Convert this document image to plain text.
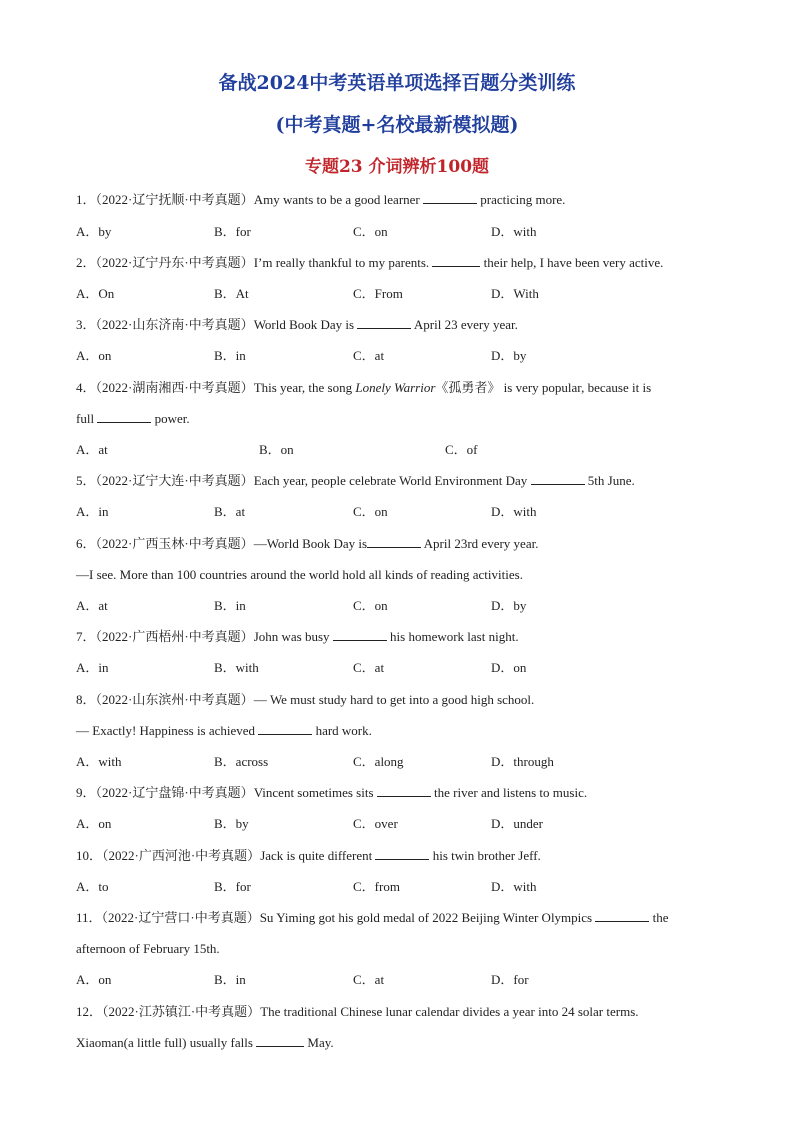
备战2024中考英语单项选择百题分类训练
(中考真题+名校最新模拟题)
专题23 介词辨析100题
1．（2022·辽宁抚顺·中考真题）Amy wants to be a good learner	practicing more.
A．by	B．for	C．on	D．with
2．（2022·辽宁丹东·中考真题）I’m really thankful to my parents.	their help, I have been very active.
A．On	B．At	C．From	D．With
3．（2022·山东济南·中考真题）World Book Day is	April 23 every year.
A．on	B．in	C．at	D．by
4．（2022·湖南湘西·中考真题）This year, the song Lonely Warrior《孤勇者》 is very popular, because it is
full	power.
A．at	B．on	C．of
5．（2022·辽宁大连·中考真题）Each year, people celebrate World Environment Day	5th June.
A．in	B．at	C．on	D．with
6．（2022·广西玉林·中考真题）—World Book Day is	April 23rd every year.
—I see. More than 100 countries around the world hold all kinds of reading activities.
A．at	B．in	C．on	D．by
7．（2022·广西梧州·中考真题）John was busy	his homework last night.
A．in	B．with	C．at	D．on
8．（2022·山东滨州·中考真题）— We must study hard to get into a good high school.
— Exactly! Happiness is achieved	hard work.
A．with	B．across	C．along	D．through
9．（2022·辽宁盘锦·中考真题）Vincent sometimes sits	the river and listens to music.
A．on	B．by	C．over	D．under
10．（2022·广西河池·中考真题）Jack is quite different	his twin brother Jeff.
A．to	B．for	C．from	D．with
11．（2022·辽宁营口·中考真题）Su Yiming got his gold medal of 2022 Beijing Winter Olympics	the
afternoon of February 15th.
A．on	B．in	C．at	D．for
12．（2022·江苏镇江·中考真题）The traditional Chinese lunar calendar divides a year into 24 solar terms.
Xiaoman(a little full) usually falls	May.
